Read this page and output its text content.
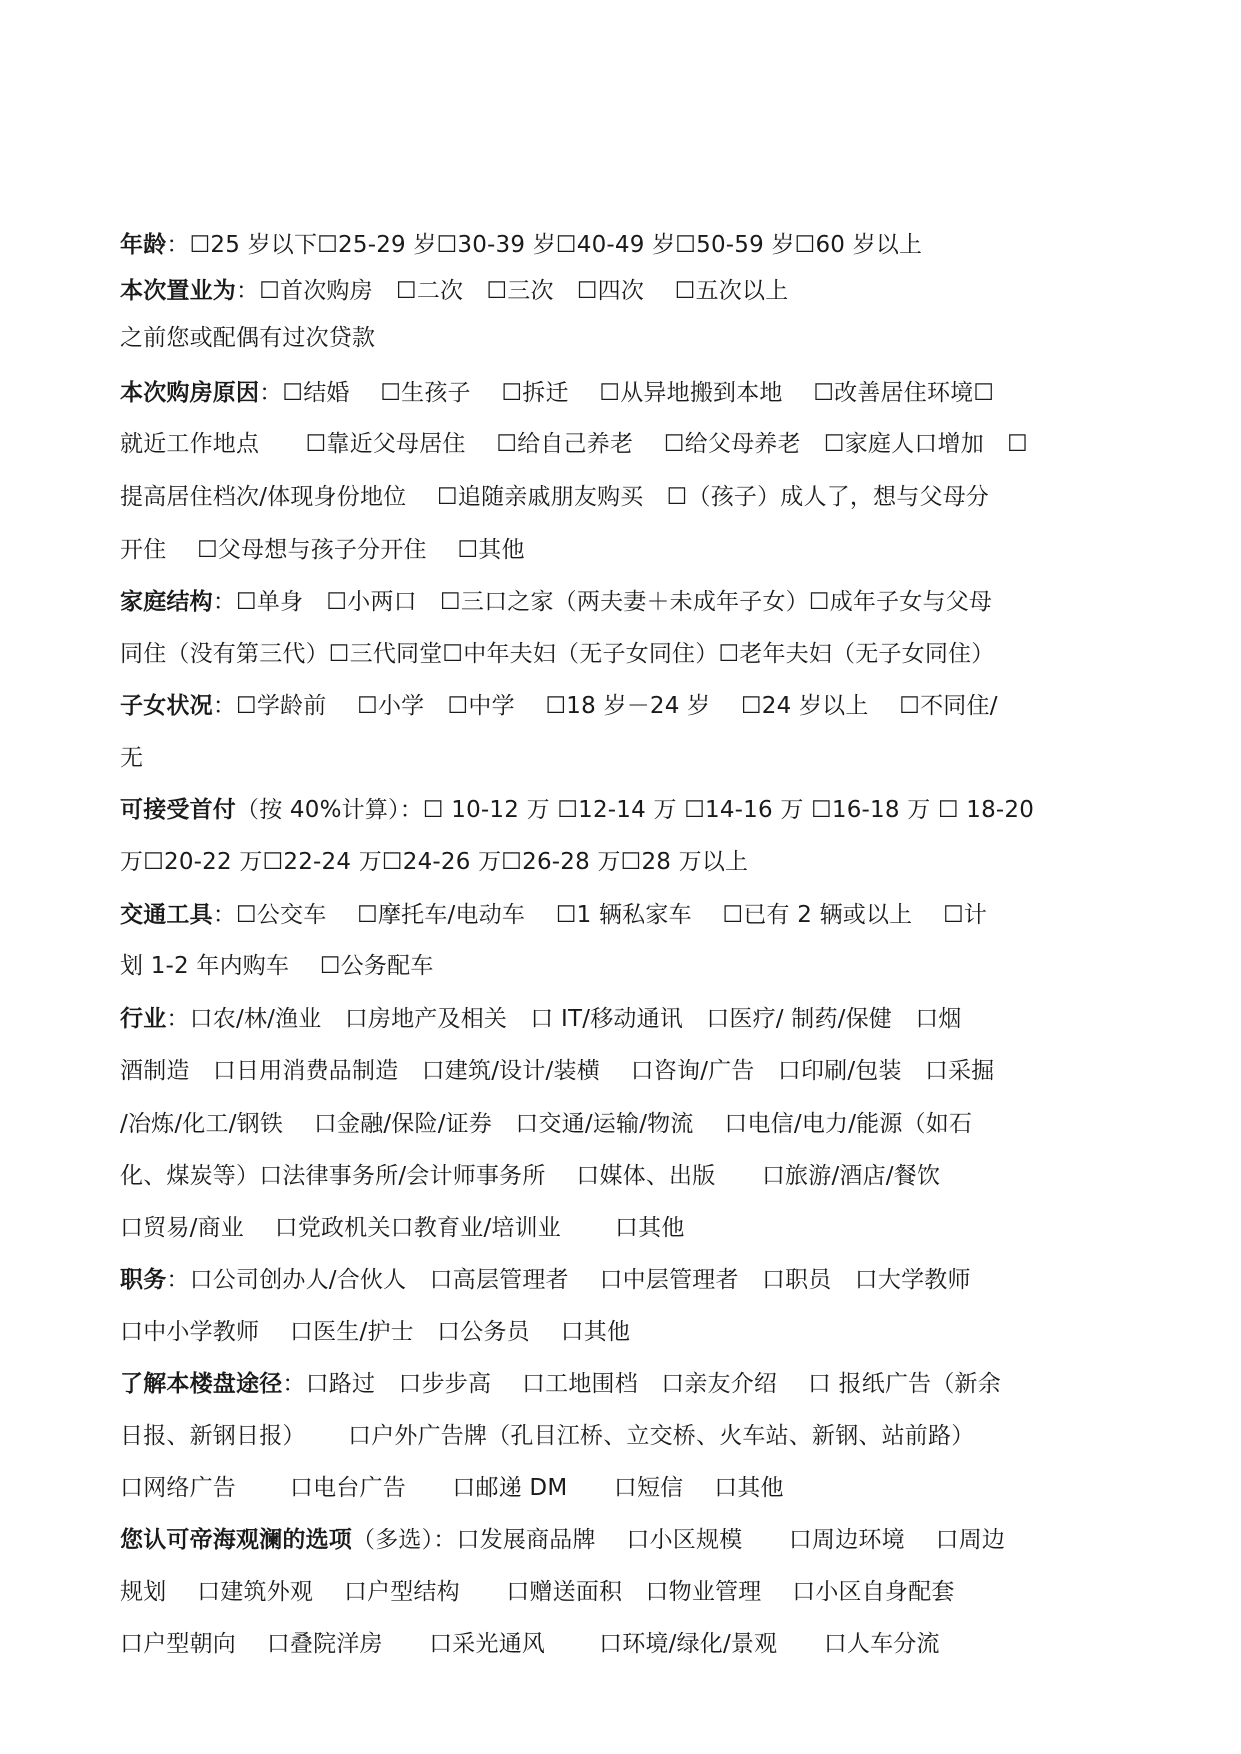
年龄：☐25 岁以下☐25-29 岁☐30-39 岁☐40-49 岁☐50-59 岁☐60 岁以上
本次置业为：☐首次购房　☐二次　☐三次　☐四次　 ☐五次以上
之前您或配偶有过次贷款
本次购房原因：☐结婚　 ☐生孩子　 ☐拆迁　 ☐从异地搬到本地　 ☐改善居住环境☐
就近工作地点　　☐靠近父母居住　 ☐给自己养老　 ☐给父母养老　☐家庭人口增加　☐
提高居住档次/体现身份地位　 ☐追随亲戚朋友购买　☐（孩子）成人了，想与父母分
开住　 ☐父母想与孩子分开住　 ☐其他
家庭结构：☐单身　☐小两口　☐三口之家（两夫妻＋未成年子女）☐成年子女与父母
同住（没有第三代）☐三代同堂☐中年夫妇（无子女同住）☐老年夫妇（无子女同住）
子女状况：☐学龄前　 ☐小学　☐中学　 ☐18 岁－24 岁　 ☐24 岁以上　 ☐不同住/
无
可接受首付（按 40%计算）：☐ 10-12 万 ☐12-14 万 ☐14-16 万 ☐16-18 万 ☐ 18-20
万☐20-22 万☐22-24 万☐24-26 万☐26-28 万☐28 万以上
交通工具：☐公交车　 ☐摩托车/电动车　 ☐1 辆私家车　 ☐已有 2 辆或以上　 ☐计
划 1-2 年内购车　 ☐公务配车
行业：口农/林/渔业　口房地产及相关　口 IT/移动通讯　口医疗/ 制药/保健　口烟
酒制造　口日用消费品制造　口建筑/设计/装横　 口咨询/广告　口印刷/包装　口采掘
/冶炼/化工/钢铁　 口金融/保险/证券　口交通/运输/物流　 口电信/电力/能源（如石
化、煤炭等）口法律事务所/会计师事务所　 口媒体、出版　　口旅游/酒店/餐饮
口贸易/商业　 口党政机关口教育业/培训业　　 口其他
职务：口公司创办人/合伙人　口高层管理者　 口中层管理者　口职员　口大学教师
口中小学教师　 口医生/护士　口公务员　 口其他
了解本楼盘途径：口路过　口步步高　 口工地围档　口亲友介绍　 口 报纸广告（新余
日报、新钢日报）　　 口户外广告牌（孔目江桥、立交桥、火车站、新钢、站前路）
口网络广告　　 口电台广告　　口邮递 DM　　口短信　 口其他
您认可帝海观澜的选项（多选）：口发展商品牌　 口小区规模　　口周边环境　 口周边
规划　 口建筑外观　 口户型结构　　口赠送面积　口物业管理　 口小区自身配套
口户型朝向　 口叠院洋房　　口采光通风　　 口环境/绿化/景观　　口人车分流
